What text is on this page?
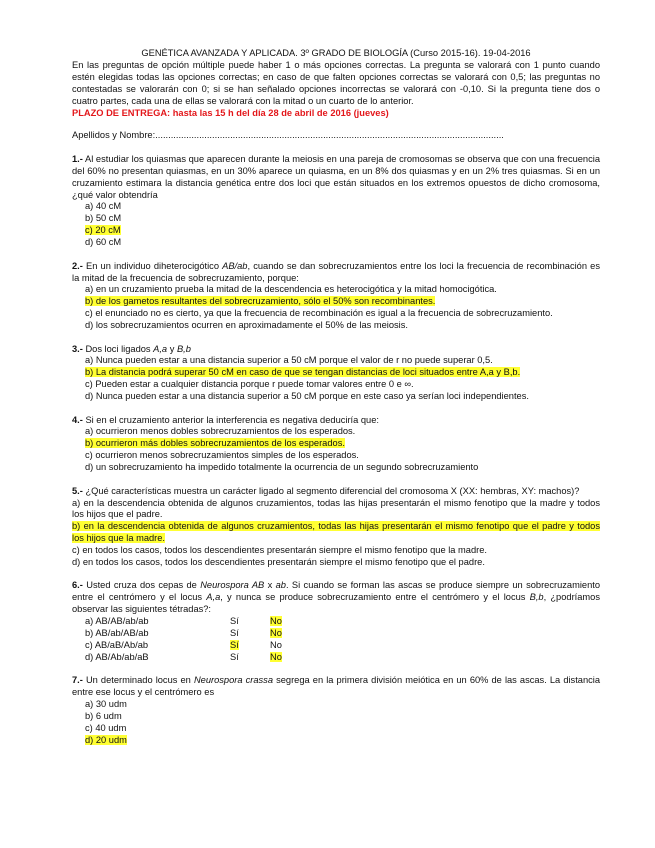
GENÉTICA AVANZADA Y APLICADA. 3º GRADO DE BIOLOGÍA (Curso 2015-16). 19-04-2016
En las preguntas de opción múltiple puede haber 1 o más opciones correctas. La pregunta se valorará con 1 punto cuando estén elegidas todas las opciones correctas; en caso de que falten opciones correctas se valorará con 0,5; las preguntas no contestadas se valorarán con 0; si se han señalado opciones incorrectas se valorará con -0,10. Si la pregunta tiene dos o cuatro partes, cada una de ellas se valorará con la mitad o un cuarto de lo anterior.
PLAZO DE ENTREGA: hasta las 15 h del día 28 de abril de 2016 (jueves)
Apellidos y Nombre:.......................................................................................................................................
1.- Al estudiar los quiasmas que aparecen durante la meiosis en una pareja de cromosomas se observa que con una frecuencia del 60% no presentan quiasmas, en un 30% aparece un quiasma, en un 8% dos quiasmas y en un 2% tres quiasmas. Si en un cruzamiento estimara la distancia genética entre dos loci que están situados en los extremos opuestos de dicho cromosoma, ¿qué valor obtendría
a) 40 cM
b) 50 cM
c) 20 cM
d) 60 cM
2.- En un individuo diheterocigótico AB/ab, cuando se dan sobrecruzamientos entre los loci la frecuencia de recombinación es la mitad de la frecuencia de sobrecruzamiento, porque:
a) en un cruzamiento prueba la mitad de la descendencia es heterocigótica y la mitad homocigótica.
b) de los gametos resultantes del sobrecruzamiento, sólo el 50% son recombinantes.
c) el enunciado no es cierto, ya que la frecuencia de recombinación es igual a la frecuencia de sobrecruzamiento.
d) los sobrecruzamientos ocurren en aproximadamente el 50% de las meiosis.
3.- Dos loci ligados A,a y B,b
a) Nunca pueden estar a una distancia superior a 50 cM porque el valor de r no puede superar 0,5.
b) La distancia podrá superar 50 cM en caso de que se tengan distancias de loci situados entre A,a y B,b.
c) Pueden estar a cualquier distancia porque r puede tomar valores entre 0 e ∞.
d) Nunca pueden estar a una distancia superior a 50 cM porque en este caso ya serían loci independientes.
4.- Si en el cruzamiento anterior la interferencia es negativa deduciría que:
a) ocurrieron menos dobles sobrecruzamientos de los esperados.
b) ocurrieron más dobles sobrecruzamientos de los esperados.
c) ocurrieron menos sobrecruzamientos simples de los esperados.
d) un sobrecruzamiento ha impedido totalmente la ocurrencia de un segundo sobrecruzamiento
5.- ¿Qué características muestra un carácter ligado al segmento diferencial del cromosoma X (XX: hembras, XY: machos)?
a) en la descendencia obtenida de algunos cruzamientos, todas las hijas presentarán el mismo fenotipo que la madre y todos los hijos que el padre.
b) en la descendencia obtenida de algunos cruzamientos, todas las hijas presentarán el mismo fenotipo que el padre y todos los hijos que la madre.
c) en todos los casos, todos los descendientes presentarán siempre el mismo fenotipo que la madre.
d) en todos los casos, todos los descendientes presentarán siempre el mismo fenotipo que el padre.
6.- Usted cruza dos cepas de Neurospora AB x ab. Si cuando se forman las ascas se produce siempre un sobrecruzamiento entre el centrómero y el locus A,a, y nunca se produce sobrecruzamiento entre el centrómero y el locus B,b, ¿podríamos observar las siguientes tétradas?:
a) AB/AB/ab/ab	Sí	No
b) AB/ab/AB/ab	Sí	No
c) AB/aB/Ab/ab	Sí	No
d) AB/Ab/ab/aB	Sí	No
7.- Un determinado locus en Neurospora crassa segrega en la primera división meiótica en un 60% de las ascas. La distancia entre ese locus y el centrómero es
a) 30 udm
b) 6 udm
c) 40 udm
d) 20 udm
